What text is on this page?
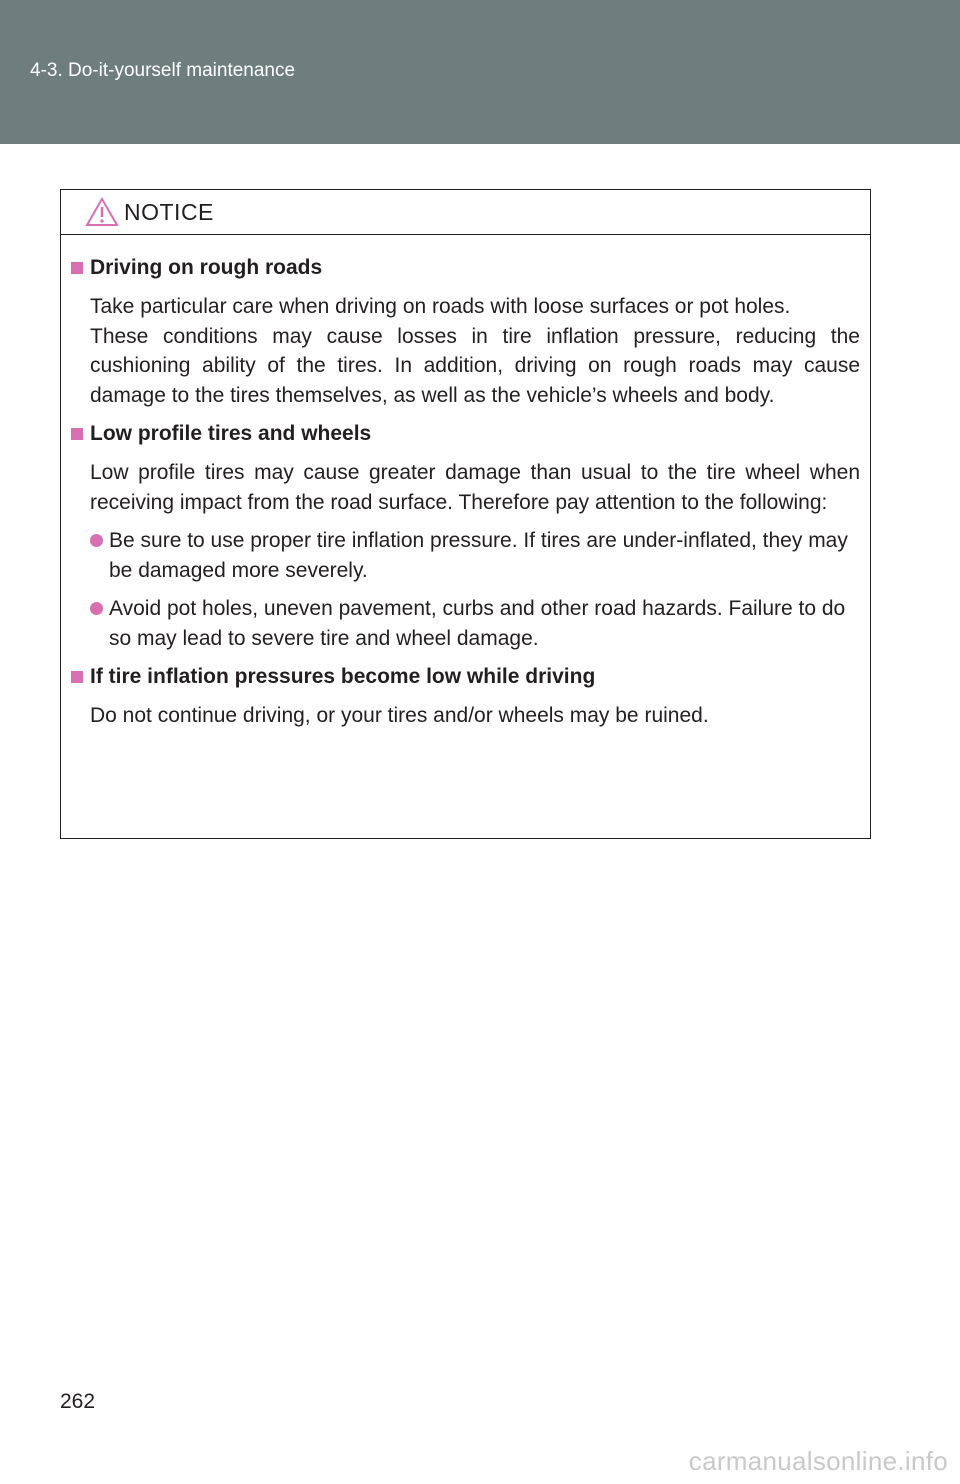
4-3. Do-it-yourself maintenance
NOTICE
Driving on rough roads
Take particular care when driving on roads with loose surfaces or pot holes.
These conditions may cause losses in tire inflation pressure, reducing the cushioning ability of the tires. In addition, driving on rough roads may cause damage to the tires themselves, as well as the vehicle’s wheels and body.
Low profile tires and wheels
Low profile tires may cause greater damage than usual to the tire wheel when receiving impact from the road surface. Therefore pay attention to the following:
Be sure to use proper tire inflation pressure. If tires are under-inflated, they may be damaged more severely.
Avoid pot holes, uneven pavement, curbs and other road hazards. Failure to do so may lead to severe tire and wheel damage.
If tire inflation pressures become low while driving
Do not continue driving, or your tires and/or wheels may be ruined.
262
carmanualsonline.info
